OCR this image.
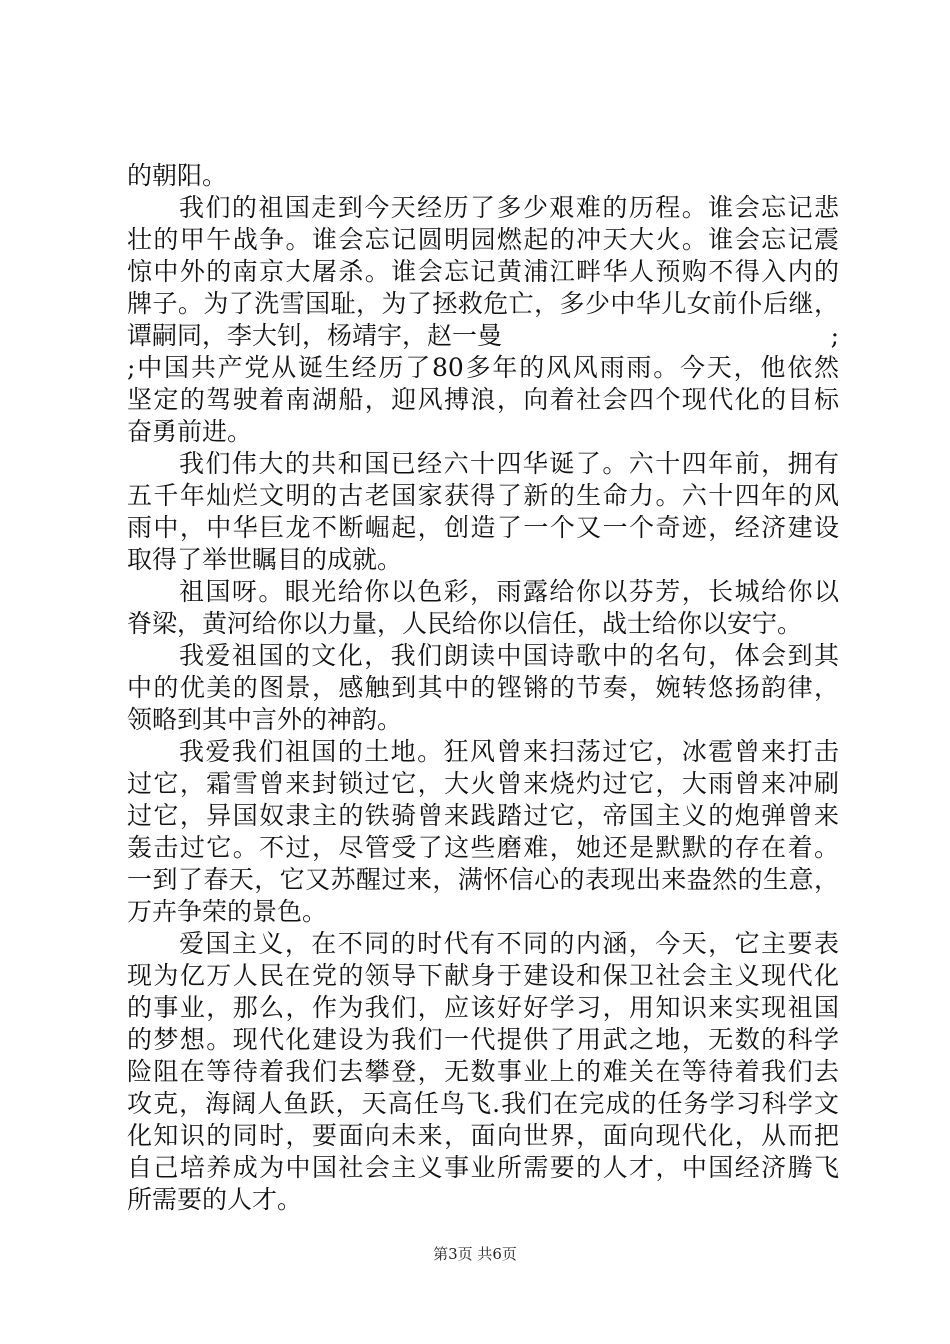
的朝阳。
我们的祖国走到今天经历了多少艰难的历程。谁会忘记悲
壮的甲午战争。谁会忘记圆明园燃起的冲天大火。谁会忘记震
惊中外的南京大屠杀。谁会忘记黄浦江畔华人预购不得入内的
牌子。为了洗雪国耻，为了拯救危亡，多少中华儿女前仆后继，
谭嗣同，李大钊，杨靖宇，赵一曼	;
;中国共产党从诞生经历了80多年的风风雨雨。今天，他依然
坚定的驾驶着南湖船，迎风搏浪，向着社会四个现代化的目标
奋勇前进。
我们伟大的共和国已经六十四华诞了。六十四年前，拥有
五千年灿烂文明的古老国家获得了新的生命力。六十四年的风
雨中，中华巨龙不断崛起，创造了一个又一个奇迹，经济建设
取得了举世瞩目的成就。
祖国呀。眼光给你以色彩，雨露给你以芬芳，长城给你以
脊梁，黄河给你以力量，人民给你以信任，战士给你以安宁。
我爱祖国的文化，我们朗读中国诗歌中的名句，体会到其
中的优美的图景，感触到其中的铿锵的节奏，婉转悠扬韵律，
领略到其中言外的神韵。
我爱我们祖国的土地。狂风曾来扫荡过它，冰雹曾来打击
过它，霜雪曾来封锁过它，大火曾来烧灼过它，大雨曾来冲刷
过它，异国奴隶主的铁骑曾来践踏过它，帝国主义的炮弹曾来
轰击过它。不过，尽管受了这些磨难，她还是默默的存在着。
一到了春天，它又苏醒过来，满怀信心的表现出来盎然的生意，
万卉争荣的景色。
爱国主义，在不同的时代有不同的内涵，今天，它主要表
现为亿万人民在党的领导下献身于建设和保卫社会主义现代化
的事业，那么，作为我们，应该好好学习，用知识来实现祖国
的梦想。现代化建设为我们一代提供了用武之地，无数的科学
险阻在等待着我们去攀登，无数事业上的难关在等待着我们去
攻克，海阔人鱼跃，天高任鸟飞.我们在完成的任务学习科学文
化知识的同时，要面向未来，面向世界，面向现代化，从而把
自己培养成为中国社会主义事业所需要的人才，中国经济腾飞
所需要的人才。
第3页 共6页
